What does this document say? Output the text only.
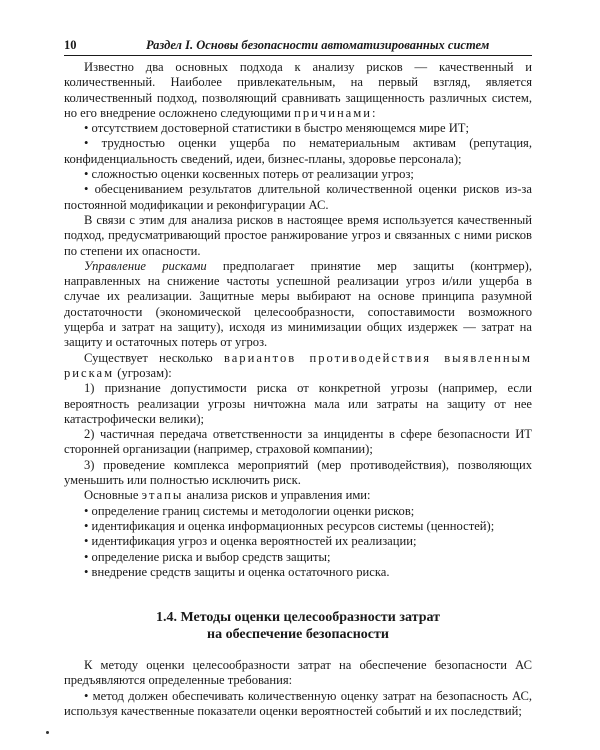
10	Раздел I. Основы безопасности автоматизированных систем

Известно два основных подхода к анализу рисков — качественный и количественный. Наиболее привлекательным, на первый взгляд, является количественный подход, позволяющий сравнивать защищенность различных систем, но его внедрение осложнено следующими причинами:

• отсутствием достоверной статистики в быстро меняющемся мире ИТ;

• трудностью оценки ущерба по нематериальным активам (репутация, конфиденциальность сведений, идеи, бизнес-планы, здоровье персонала);

• сложностью оценки косвенных потерь от реализации угроз;

• обесцениванием результатов длительной количественной оценки рисков из-за постоянной модификации и реконфигурации АС.

В связи с этим для анализа рисков в настоящее время используется качественный подход, предусматривающий простое ранжирование угроз и связанных с ними рисков по степени их опасности.

Управление рисками предполагает принятие мер защиты (контрмер), направленных на снижение частоты успешной реализации угроз и/или ущерба в случае их реализации. Защитные меры выбирают на основе принципа разумной достаточности (экономической целесообразности, сопоставимости возможного ущерба и затрат на защиту), исходя из минимизации общих издержек — затрат на защиту и остаточных потерь от угроз.

Существует несколько вариантов противодействия выявленным рискам (угрозам):

1) признание допустимости риска от конкретной угрозы (например, если вероятность реализации угрозы ничтожна мала или затраты на защиту от нее катастрофически велики);

2) частичная передача ответственности за инциденты в сфере безопасности ИТ сторонней организации (например, страховой компании);

3) проведение комплекса мероприятий (мер противодействия), позволяющих уменьшить или полностью исключить риск.

Основные этапы анализа рисков и управления ими:

• определение границ системы и методологии оценки рисков;

• идентификация и оценка информационных ресурсов системы (ценностей);

• идентификация угроз и оценка вероятностей их реализации;

• определение риска и выбор средств защиты;

• внедрение средств защиты и оценка остаточного риска.

1.4. Методы оценки целесообразности затрат
на обеспечение безопасности

К методу оценки целесообразности затрат на обеспечение безопасности АС предъявляются определенные требования:

• метод должен обеспечивать количественную оценку затрат на безопасность АС, используя качественные показатели оценки вероятностей событий и их последствий;
